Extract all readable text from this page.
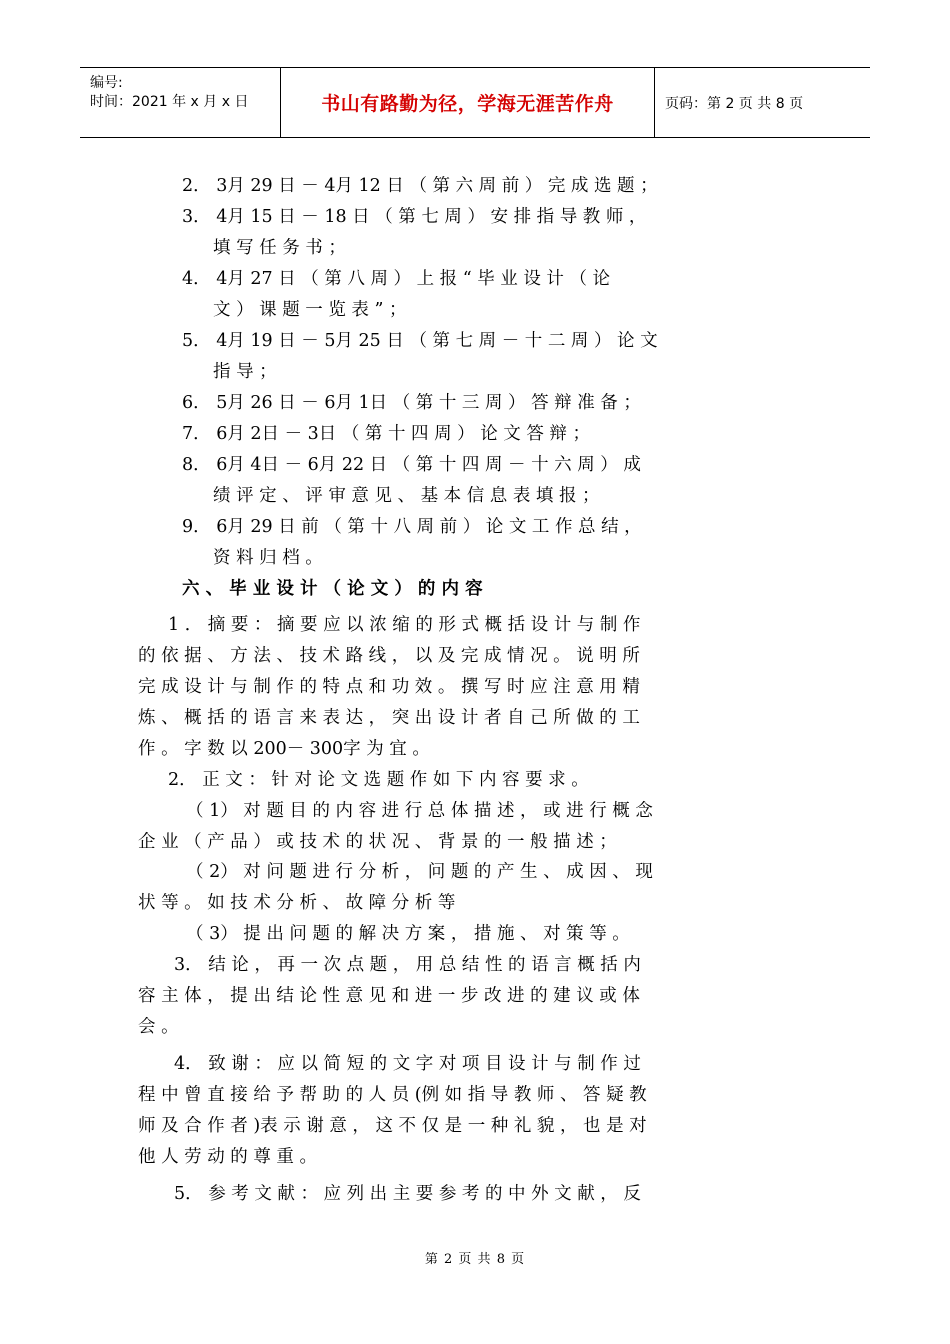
编号:
时间：2021 年 x 月 x 日	书山有路勤为径，学海无涯苦作舟	页码：第 2 页 共 8 页
2． 3月 29 日 － 4月 12 日 （ 第 六 周 前 ） 完 成 选 题 ；
3． 4月 15 日 － 18 日 （ 第 七 周 ） 安 排 指 导 教 师 ，
填 写 任 务 书 ；
4． 4月 27 日 （ 第 八 周 ） 上 报 “ 毕 业 设 计 （ 论
文 ） 课 题 一 览 表 ” ；
5． 4月 19 日 － 5月 25 日 （ 第 七 周 － 十 二 周 ） 论 文
指 导 ；
6． 5月 26 日 － 6月 1日 （ 第 十 三 周 ） 答 辩 准 备 ；
7． 6月 2日 － 3日 （ 第 十 四 周 ） 论 文 答 辩 ；
8． 6月 4日 － 6月 22 日 （ 第 十 四 周 － 十 六 周 ） 成
绩 评 定 、 评 审 意 见 、 基 本 信 息 表 填 报 ；
9． 6月 29 日 前 （ 第 十 八 周 前 ） 论 文 工 作 总 结 ，
资 料 归 档 。
六 、 毕 业 设 计 （ 论 文 ） 的 内 容
1 ． 摘 要 ： 摘 要 应 以 浓 缩 的 形 式 概 括 设 计 与 制 作
的 依 据 、 方 法 、 技 术 路 线 ， 以 及 完 成 情 况 。 说 明 所
完 成 设 计 与 制 作 的 特 点 和 功 效 。 撰 写 时 应 注 意 用 精
炼 、 概 括 的 语 言 来 表 达 ， 突 出 设 计 者 自 己 所 做 的 工
作 。 字 数 以 200－ 300字 为 宜 。
2． 正 文 ： 针 对 论 文 选 题 作 如 下 内 容 要 求 。
（ 1） 对 题 目 的 内 容 进 行 总 体 描 述 ， 或 进 行 概 念
企 业 （ 产 品 ） 或 技 术 的 状 况 、 背 景 的 一 般 描 述 ；
（ 2） 对 问 题 进 行 分 析 ， 问 题 的 产 生 、 成 因 、 现
状 等 。 如 技 术 分 析 、 故 障 分 析 等
（ 3） 提 出 问 题 的 解 决 方 案 ， 措 施 、 对 策 等 。
3． 结 论 ， 再 一 次 点 题 ， 用 总 结 性 的 语 言 概 括 内
容 主 体 ， 提 出 结 论 性 意 见 和 进 一 步 改 进 的 建 议 或 体
会 。
4． 致 谢 ： 应 以 简 短 的 文 字 对 项 目 设 计 与 制 作 过
程 中 曾 直 接 给 予 帮 助 的 人 员 (例 如 指 导 教 师 、 答 疑 教
师 及 合 作 者 )表 示 谢 意 ， 这 不 仅 是 一 种 礼 貌 ， 也 是 对
他 人 劳 动 的 尊 重 。
5． 参 考 文 献 ： 应 列 出 主 要 参 考 的 中 外 文 献 ， 反
第 2 页 共 8 页
